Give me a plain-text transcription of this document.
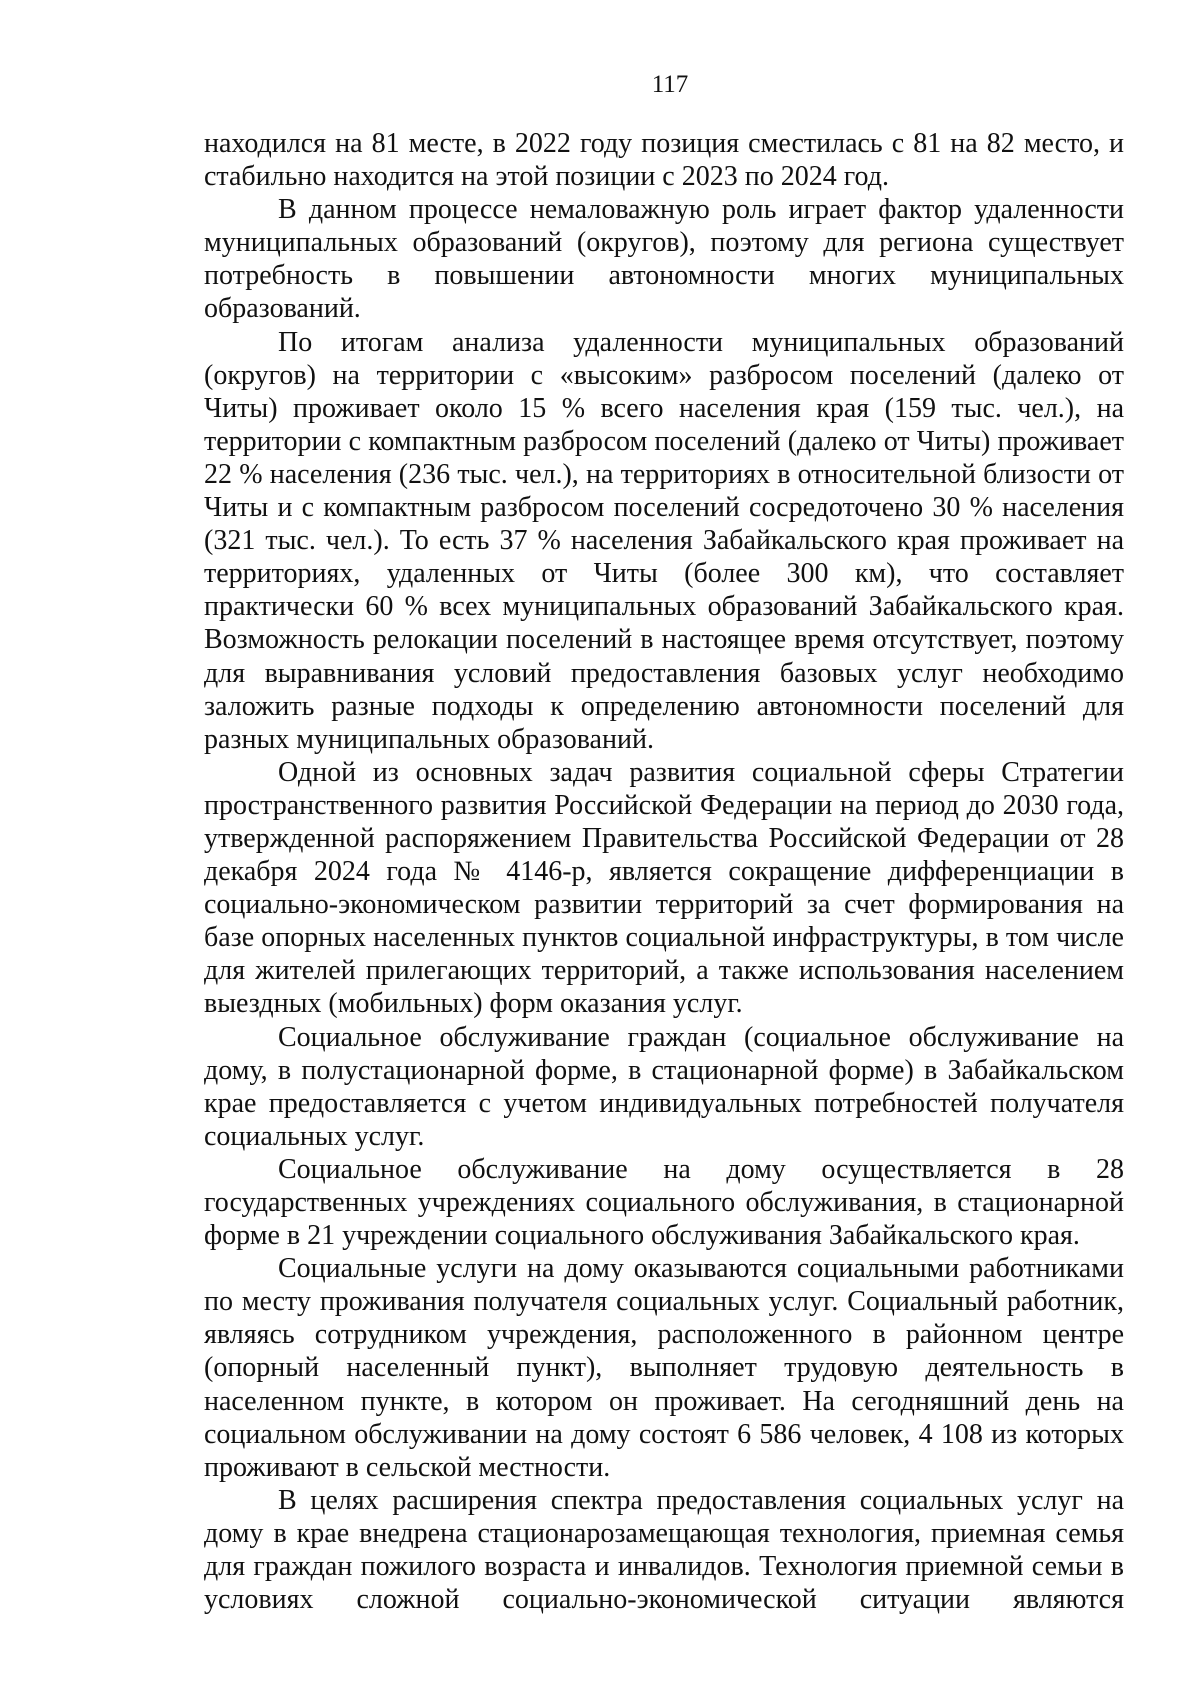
117

находился на 81 месте, в 2022 году позиция сместилась с 81 на 82 место, и стабильно находится на этой позиции с 2023 по 2024 год.

В данном процессе немаловажную роль играет фактор удаленности муниципальных образований (округов), поэтому для региона существует потребность в повышении автономности многих муниципальных образований.

По итогам анализа удаленности муниципальных образований (округов) на территории с «высоким» разбросом поселений (далеко от Читы) проживает около 15 % всего населения края (159 тыс. чел.), на территории с компактным разбросом поселений (далеко от Читы) проживает 22 % населения (236 тыс. чел.), на территориях в относительной близости от Читы и с компактным разбросом поселений сосредоточено 30 % населения (321 тыс. чел.). То есть 37 % населения Забайкальского края проживает на территориях, удаленных от Читы (более 300 км), что составляет практически 60 % всех муниципальных образований Забайкальского края. Возможность релокации поселений в настоящее время отсутствует, поэтому для выравнивания условий предоставления базовых услуг необходимо заложить разные подходы к определению автономности поселений для разных муниципальных образований.

Одной из основных задач развития социальной сферы Стратегии пространственного развития Российской Федерации на период до 2030 года, утвержденной распоряжением Правительства Российской Федерации от 28 декабря 2024 года № 4146-р, является сокращение дифференциации в социально-экономическом развитии территорий за счет формирования на базе опорных населенных пунктов социальной инфраструктуры, в том числе для жителей прилегающих территорий, а также использования населением выездных (мобильных) форм оказания услуг.

Социальное обслуживание граждан (социальное обслуживание на дому, в полустационарной форме, в стационарной форме) в Забайкальском крае предоставляется с учетом индивидуальных потребностей получателя социальных услуг.

Социальное обслуживание на дому осуществляется в 28 государственных учреждениях социального обслуживания, в стационарной форме в 21 учреждении социального обслуживания Забайкальского края.

Социальные услуги на дому оказываются социальными работниками по месту проживания получателя социальных услуг. Социальный работник, являясь сотрудником учреждения, расположенного в районном центре (опорный населенный пункт), выполняет трудовую деятельность в населенном пункте, в котором он проживает. На сегодняшний день на социальном обслуживании на дому состоят 6 586 человек, 4 108 из которых проживают в сельской местности.

В целях расширения спектра предоставления социальных услуг на дому в крае внедрена стационарозамещающая технология, приемная семья для граждан пожилого возраста и инвалидов. Технология приемной семьи в условиях сложной социально-экономической ситуации являются
